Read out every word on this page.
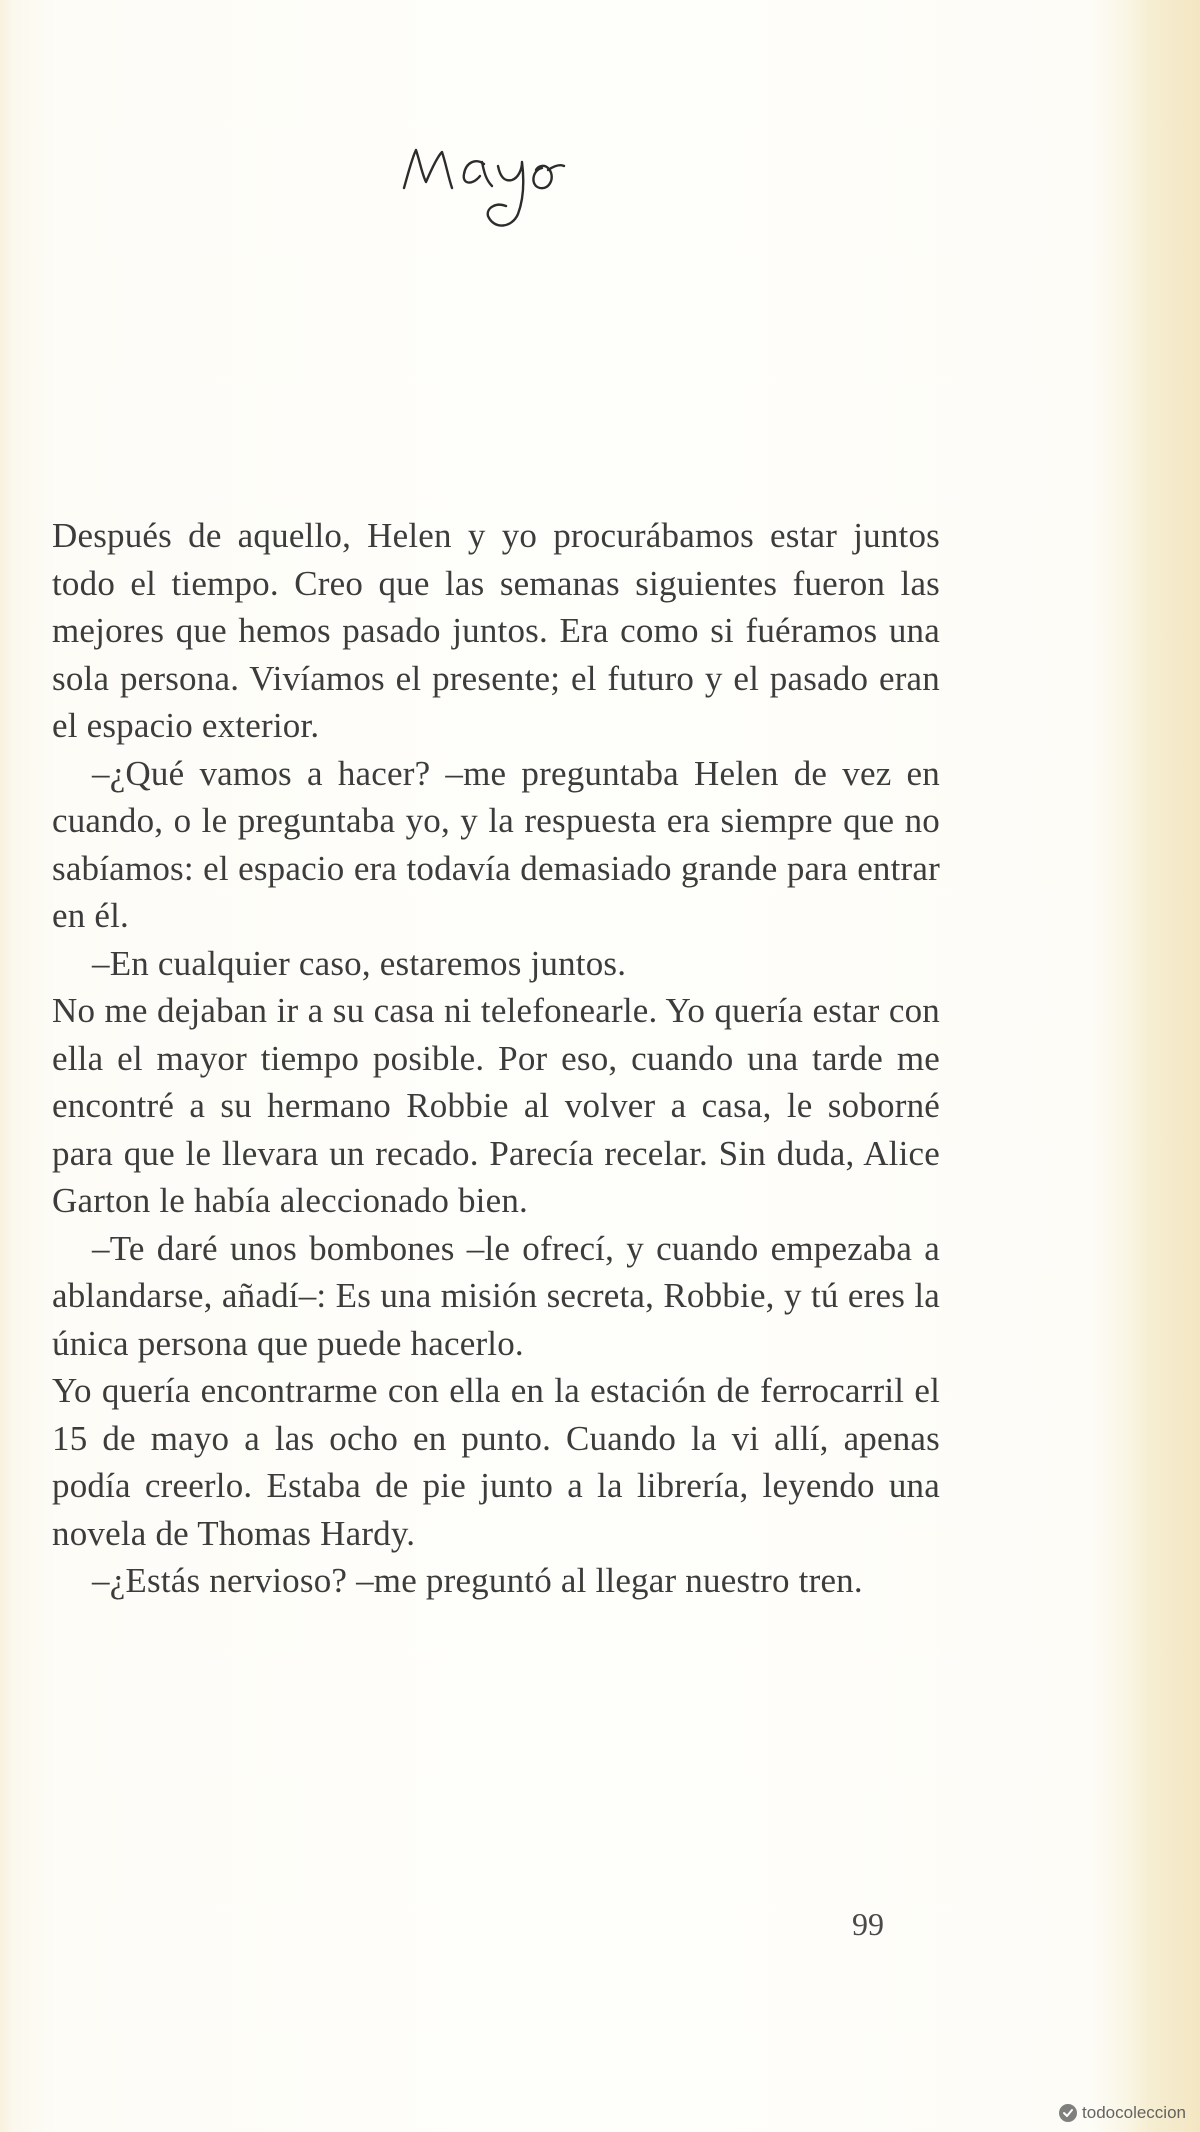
Después de aquello, Helen y yo procurábamos estar juntos todo el tiempo. Creo que las semanas siguientes fueron las mejores que hemos pasado juntos. Era como si fuéramos una sola persona. Vivíamos el presente; el futuro y el pasado eran el espacio exterior.

–¿Qué vamos a hacer? –me preguntaba Helen de vez en cuando, o le preguntaba yo, y la respuesta era siempre que no sabíamos: el espacio era todavía demasiado grande para entrar en él.

–En cualquier caso, estaremos juntos.

No me dejaban ir a su casa ni telefonearle. Yo quería estar con ella el mayor tiempo posible. Por eso, cuando una tarde me encontré a su hermano Robbie al volver a casa, le soborné para que le llevara un recado. Parecía recelar. Sin duda, Alice Garton le había aleccionado bien.

–Te daré unos bombones –le ofrecí, y cuando empezaba a ablandarse, añadí–: Es una misión secreta, Robbie, y tú eres la única persona que puede hacerlo.

Yo quería encontrarme con ella en la estación de ferrocarril el 15 de mayo a las ocho en punto. Cuando la vi allí, apenas podía creerlo. Estaba de pie junto a la librería, leyendo una novela de Thomas Hardy.

–¿Estás nervioso? –me preguntó al llegar nuestro tren.

99
todocoleccion
